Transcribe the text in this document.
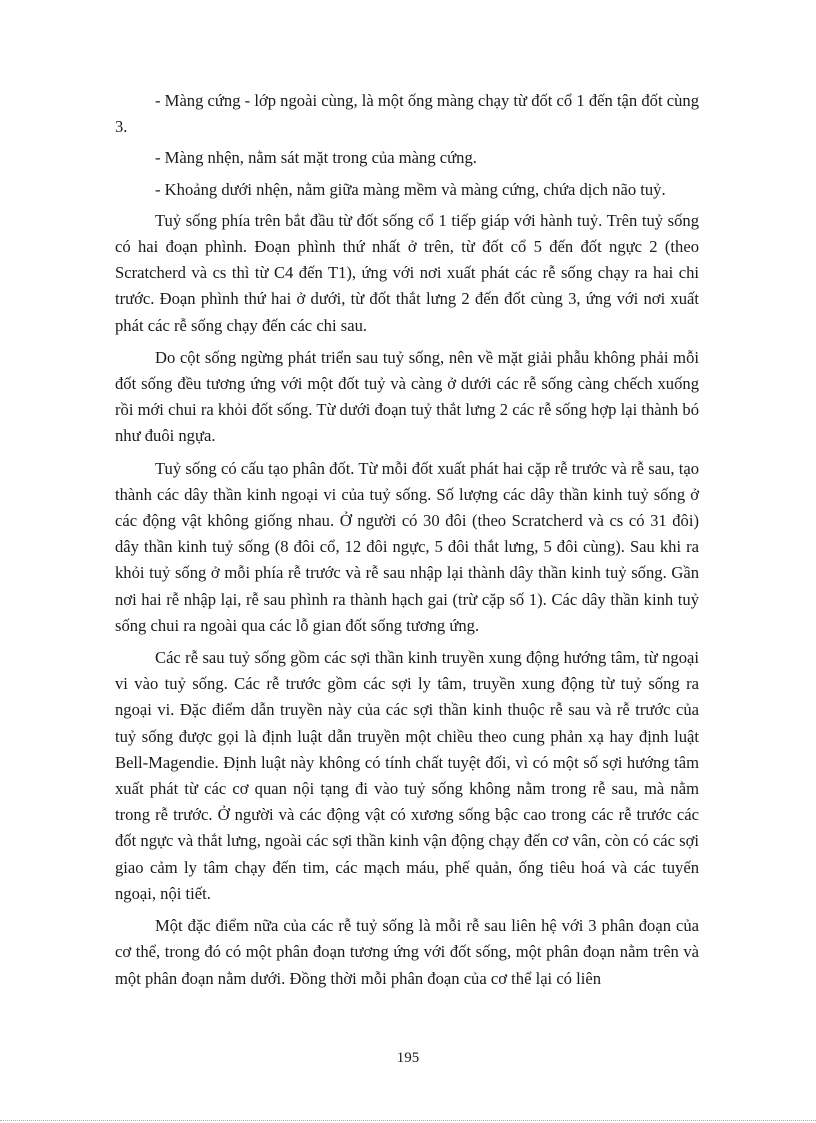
- Màng cứng - lớp ngoài cùng, là một ống màng chạy từ đốt cổ 1 đến tận đốt cùng 3.

- Màng nhện, nằm sát mặt trong của màng cứng.

- Khoảng dưới nhện, nằm giữa màng mềm và màng cứng, chứa dịch não tuỷ.

Tuỷ sống phía trên bắt đầu từ đốt sống cổ 1 tiếp giáp với hành tuỷ. Trên tuỷ sống có hai đoạn phình. Đoạn phình thứ nhất ở trên, từ đốt cổ 5 đến đốt ngực 2 (theo Scratcherd và cs thì từ C4 đến T1), ứng với nơi xuất phát các rễ sống chạy ra hai chi trước. Đoạn phình thứ hai ở dưới, từ đốt thắt lưng 2 đến đốt cùng 3, ứng với nơi xuất phát các rễ sống chạy đến các chi sau.

Do cột sống ngừng phát triển sau tuỷ sống, nên về mặt giải phẫu không phải mỗi đốt sống đều tương ứng với một đốt tuỷ và càng ở dưới các rễ sống càng chếch xuống rồi mới chui ra khỏi đốt sống. Từ dưới đoạn tuỷ thắt lưng 2 các rễ sống hợp lại thành bó như đuôi ngựa.

Tuỷ sống có cấu tạo phân đốt. Từ mỗi đốt xuất phát hai cặp rễ trước và rễ sau, tạo thành các dây thần kinh ngoại vi của tuỷ sống. Số lượng các dây thần kinh tuỷ sống ở các động vật không giống nhau. Ở người có 30 đôi (theo Scratcherd và cs có 31 đôi) dây thần kinh tuỷ sống (8 đôi cổ, 12 đôi ngực, 5 đôi thắt lưng, 5 đôi cùng). Sau khi ra khỏi tuỷ sống ở mỗi phía rễ trước và rễ sau nhập lại thành dây thần kinh tuỷ sống. Gần nơi hai rễ nhập lại, rễ sau phình ra thành hạch gai (trừ cặp số 1). Các dây thần kinh tuỷ sống chui ra ngoài qua các lỗ gian đốt sống tương ứng.

Các rễ sau tuỷ sống gồm các sợi thần kinh truyền xung động hướng tâm, từ ngoại vi vào tuỷ sống. Các rễ trước gồm các sợi ly tâm, truyền xung động từ tuỷ sống ra ngoại vi. Đặc điểm dẫn truyền này của các sợi thần kinh thuộc rễ sau và rễ trước của tuỷ sống được gọi là định luật dẫn truyền một chiều theo cung phản xạ hay định luật Bell-Magendie. Định luật này không có tính chất tuyệt đối, vì có một số sợi hướng tâm xuất phát từ các cơ quan nội tạng đi vào tuỷ sống không nằm trong rễ sau, mà nằm trong rễ trước. Ở người và các động vật có xương sống bậc cao trong các rễ trước các đốt ngực và thắt lưng, ngoài các sợi thần kinh vận động chạy đến cơ vân, còn có các sợi giao cảm ly tâm chạy đến tim, các mạch máu, phế quản, ống tiêu hoá và các tuyến ngoại, nội tiết.

Một đặc điểm nữa của các rễ tuỷ sống là mỗi rễ sau liên hệ với 3 phân đoạn của cơ thể, trong đó có một phân đoạn tương ứng với đốt sống, một phân đoạn nằm trên và một phân đoạn nằm dưới. Đồng thời mỗi phân đoạn của cơ thể lại có liên

195
